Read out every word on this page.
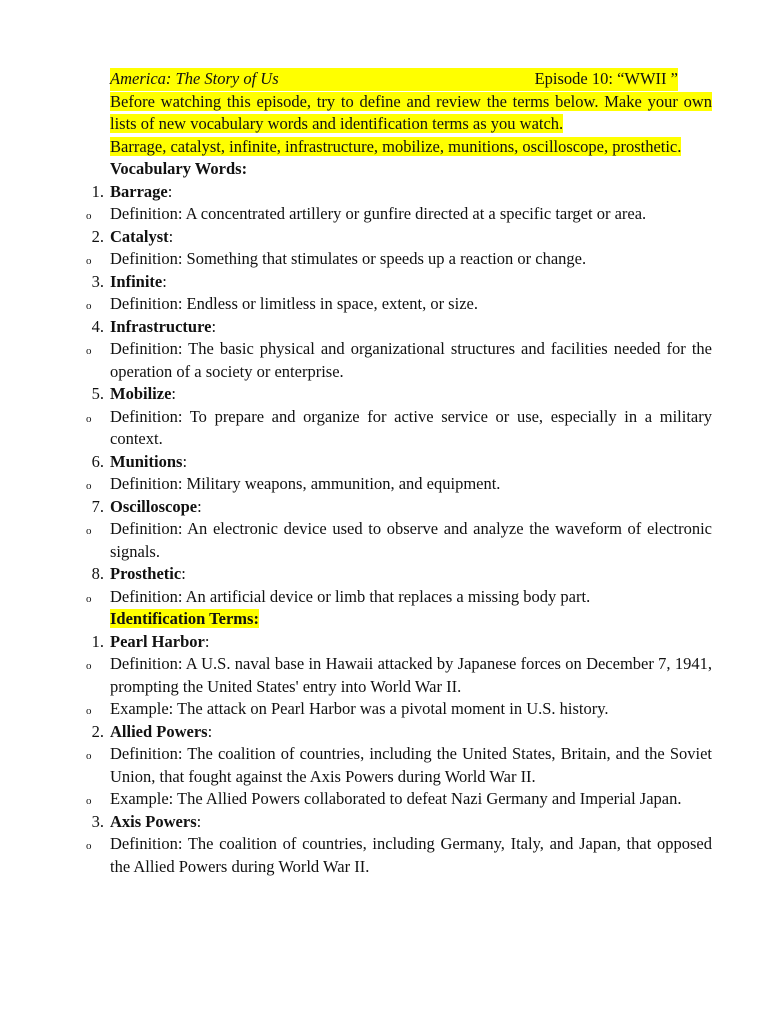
America: The Story of Us	Episode 10: “WWII ”

Before watching this episode, try to define and review the terms below. Make your own lists of new vocabulary words and identification terms as you watch.

Barrage, catalyst, infinite, infrastructure, mobilize, munitions, oscilloscope, prosthetic.

Vocabulary Words:
1. Barrage:
o Definition: A concentrated artillery or gunfire directed at a specific target or area.
2. Catalyst:
o Definition: Something that stimulates or speeds up a reaction or change.
3. Infinite:
o Definition: Endless or limitless in space, extent, or size.
4. Infrastructure:
o Definition: The basic physical and organizational structures and facilities needed for the operation of a society or enterprise.
5. Mobilize:
o Definition: To prepare and organize for active service or use, especially in a military context.
6. Munitions:
o Definition: Military weapons, ammunition, and equipment.
7. Oscilloscope:
o Definition: An electronic device used to observe and analyze the waveform of electronic signals.
8. Prosthetic:
o Definition: An artificial device or limb that replaces a missing body part.
Identification Terms:
1. Pearl Harbor:
o Definition: A U.S. naval base in Hawaii attacked by Japanese forces on December 7, 1941, prompting the United States' entry into World War II.
o Example: The attack on Pearl Harbor was a pivotal moment in U.S. history.
2. Allied Powers:
o Definition: The coalition of countries, including the United States, Britain, and the Soviet Union, that fought against the Axis Powers during World War II.
o Example: The Allied Powers collaborated to defeat Nazi Germany and Imperial Japan.
3. Axis Powers:
o Definition: The coalition of countries, including Germany, Italy, and Japan, that opposed the Allied Powers during World War II.
